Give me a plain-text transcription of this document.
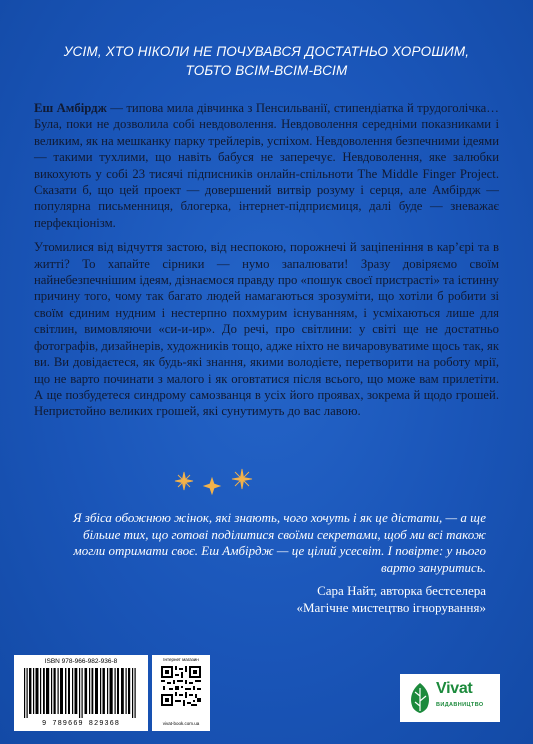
УСІМ, ХТО НІКОЛИ НЕ ПОЧУВАВСЯ ДОСТАТНЬО ХОРОШИМ,
ТОБТО ВСІМ-ВСІМ-ВСІМ

Еш Амбірдж — типова мила дівчинка з Пенсильванії, стипендіатка й трудоголічка… Була, поки не дозволила собі невдоволення. Невдоволення середніми показниками і великим, як на мешканку парку трейлерів, успіхом. Невдоволення безпечними ідеями — такими тухлими, що навіть бабуся не заперечує. Невдоволення, яке залюбки викохують у собі 23 тисячі підписників онлайн-спільноти The Middle Finger Project. Сказати б, що цей проект — довершений витвір розуму і серця, але Амбірдж — популярна письменниця, блогерка, інтернет-підприємиця, далі буде — зневажає перфекціонізм.

Утомилися від відчуття застою, від неспокою, порожнечі й заціпеніння в кар’єрі та в житті? То хапайте сірники — нумо запалювати! Зразу довіряємо своїм найнебезпечнішим ідеям, дізнаємося правду про «пошук своєї пристрасті» та істинну причину того, чому так багато людей намагаються зрозуміти, що хотіли б робити зі своїм єдиним нудним і нестерпно похмурим існуванням, і усміхаються лише для світлин, вимовляючи «си-и-ир». До речі, про світлини: у світі ще не достатньо фотографів, дизайнерів, художників тощо, адже ніхто не вичаровуватиме щось так, як ви. Ви довідаєтеся, як будь-які знання, якими володієте, перетворити на роботу мрії, що не варто починати з малого і як оговтатися після всього, що може вам прилетіти. А ще позбудетеся синдрому самозванця в усіх його проявах, зокрема й щодо грошей. Непристойно великих грошей, які сунутимуть до вас лавою.

Я збіса обожнюю жінок, які знають, чого хочуть і як це дістати, — а ще більше тих, що готові поділитися своїми секретами, щоб ми всі також могли отримати своє. Еш Амбірдж — це цілий усесвіт. І повірте: у нього варто зануритись.
Сара Найт, авторка бестселера
«Магічне мистецтво ігнорування»
ISBN 978-966-982-936-8
9 789669 829368
Інтернет магазин
vivat-book.com.ua
Vivat
ВИДАВНИЦТВО
